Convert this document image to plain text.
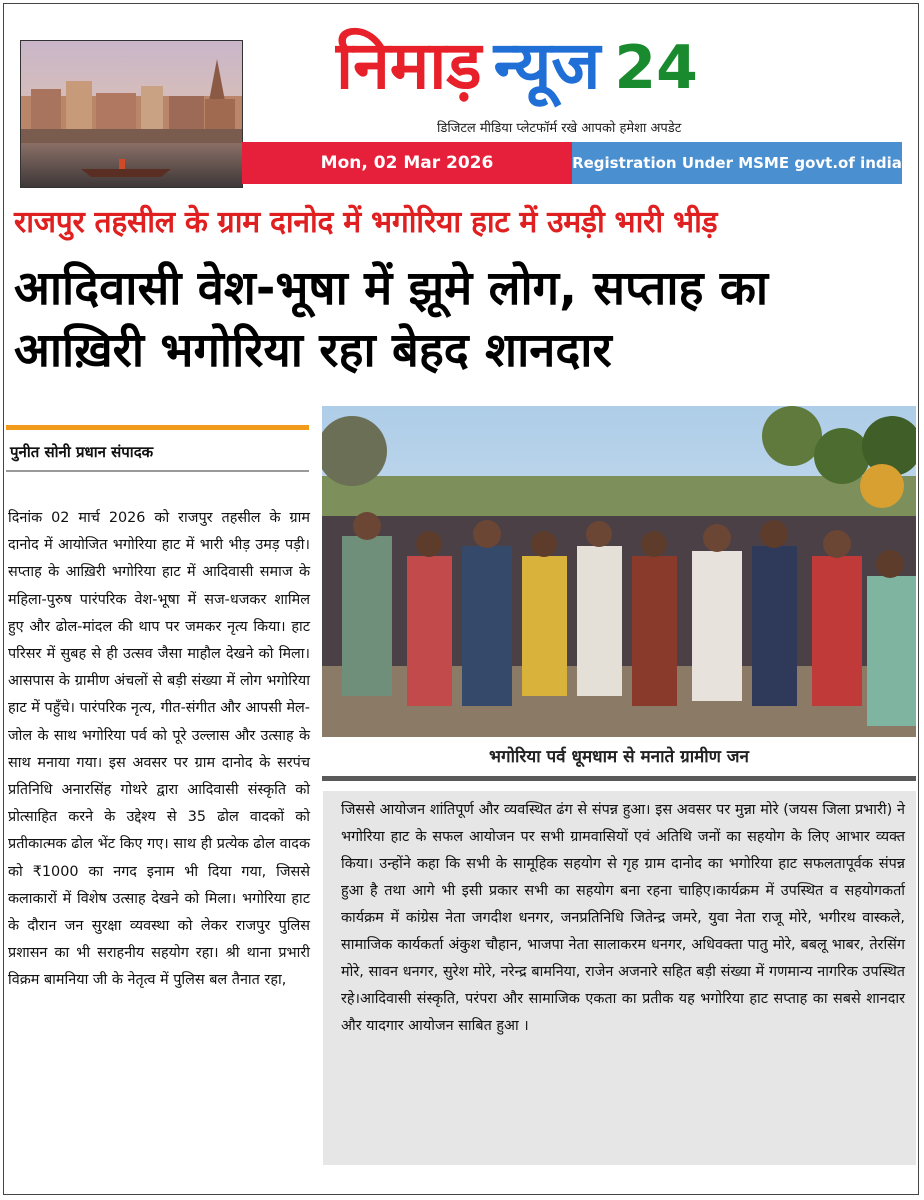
निमाड़ न्यूज 24
डिजिटल मीडिया प्लेटफॉर्म रखे आपको हमेशा अपडेट
Mon, 02 Mar 2026	Registration Under MSME govt.of india
राजपुर तहसील के ग्राम दानोद में भगोरिया हाट में उमड़ी भारी भीड़
आदिवासी वेश-भूषा में झूमे लोग, सप्ताह का आख़िरी भगोरिया रहा बेहद शानदार
पुनीत सोनी प्रधान संपादक
दिनांक 02 मार्च 2026 को राजपुर तहसील के ग्राम दानोद में आयोजित भगोरिया हाट में भारी भीड़ उमड़ पड़ी। सप्ताह के आख़िरी भगोरिया हाट में आदिवासी समाज के महिला-पुरुष पारंपरिक वेश-भूषा में सज-धजकर शामिल हुए और ढोल-मांदल की थाप पर जमकर नृत्य किया। हाट परिसर में सुबह से ही उत्सव जैसा माहौल देखने को मिला। आसपास के ग्रामीण अंचलों से बड़ी संख्या में लोग भगोरिया हाट में पहुँचे। पारंपरिक नृत्य, गीत-संगीत और आपसी मेल-जोल के साथ भगोरिया पर्व को पूरे उल्लास और उत्साह के साथ मनाया गया। इस अवसर पर ग्राम दानोद के सरपंच प्रतिनिधि अनारसिंह गोथरे द्वारा आदिवासी संस्कृति को प्रोत्साहित करने के उद्देश्य से 35 ढोल वादकों को प्रतीकात्मक ढोल भेंट किए गए। साथ ही प्रत्येक ढोल वादक को ₹1000 का नगद इनाम भी दिया गया, जिससे कलाकारों में विशेष उत्साह देखने को मिला। भगोरिया हाट के दौरान जन सुरक्षा व्यवस्था को लेकर राजपुर पुलिस प्रशासन का भी सराहनीय सहयोग रहा। श्री थाना प्रभारी विक्रम बामनिया जी के नेतृत्व में पुलिस बल तैनात रहा,
भगोरिया पर्व धूमधाम से मनाते ग्रामीण जन
जिससे आयोजन शांतिपूर्ण और व्यवस्थित ढंग से संपन्न हुआ। इस अवसर पर मुन्ना मोरे (जयस जिला प्रभारी) ने भगोरिया हाट के सफल आयोजन पर सभी ग्रामवासियों एवं अतिथि जनों का सहयोग के लिए आभार व्यक्त किया। उन्होंने कहा कि सभी के सामूहिक सहयोग से गृह ग्राम दानोद का भगोरिया हाट सफलतापूर्वक संपन्न हुआ है तथा आगे भी इसी प्रकार सभी का सहयोग बना रहना चाहिए।कार्यक्रम में उपस्थित व सहयोगकर्ता कार्यक्रम में कांग्रेस नेता जगदीश धनगर, जनप्रतिनिधि जितेन्द्र जमरे, युवा नेता राजू मोरे, भगीरथ वास्कले, सामाजिक कार्यकर्ता अंकुश चौहान, भाजपा नेता सालाकरम धनगर, अधिवक्ता पातु मोरे, बबलू भाबर, तेरसिंग मोरे, सावन धनगर, सुरेश मोरे, नरेन्द्र बामनिया, राजेन अजनारे सहित बड़ी संख्या में गणमान्य नागरिक उपस्थित रहे।आदिवासी संस्कृति, परंपरा और सामाजिक एकता का प्रतीक यह भगोरिया हाट सप्ताह का सबसे शानदार और यादगार आयोजन साबित हुआ ।
